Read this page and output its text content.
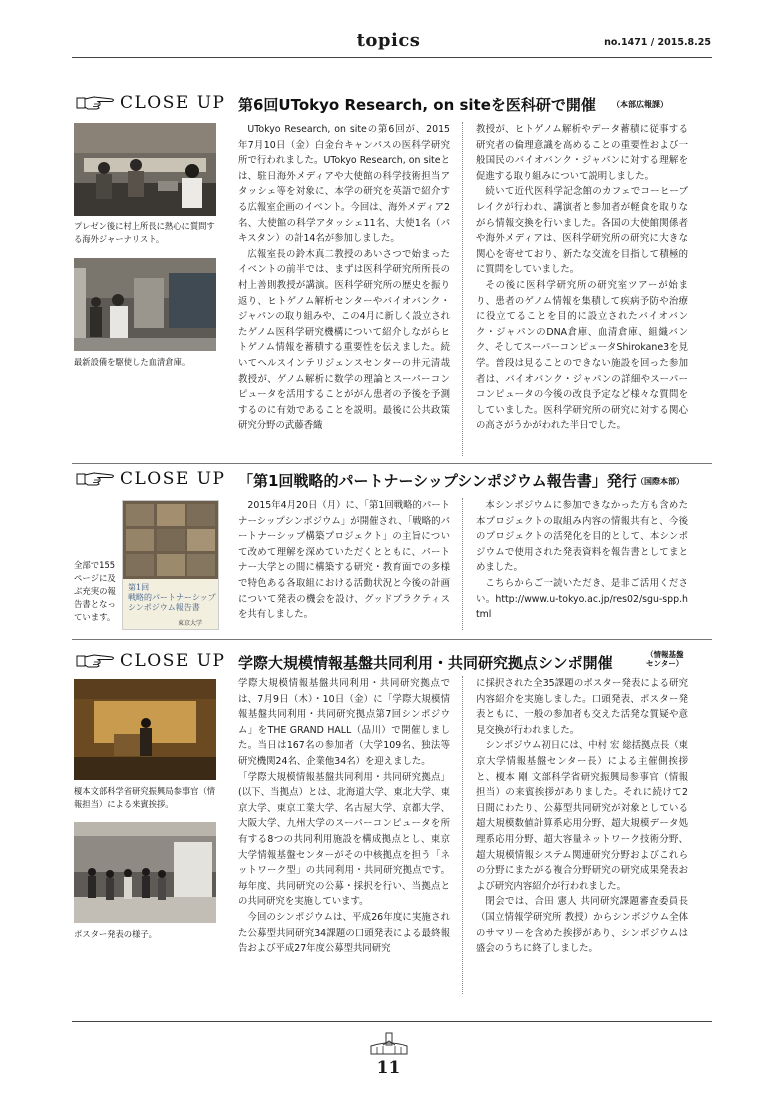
topics	no.1471 / 2015.8.25
CLOSE UP 第6回UTokyo Research, on siteを医科研で開催 （本部広報課）
プレゼン後に村上所長に熱心に質問する海外ジャーナリスト。
最新設備を駆使した血清倉庫。

UTokyo Research, on siteの第6回が、2015年7月10日（金）白金台キャンパスの医科学研究所で行われました。UTokyo Research, on siteとは、駐日海外メディアや大使館の科学技術担当アタッシェ等を対象に、本学の研究を英語で紹介する広報室企画のイベント。今回は、海外メディア2名、大使館の科学アタッシェ11名、大使1名（パキスタン）の計14名が参加しました。

広報室長の鈴木真二教授のあいさつで始まったイベントの前半では、まずは医科学研究所所長の村上善則教授が講演。医科学研究所の歴史を振り返り、ヒトゲノム解析センターやバイオバンク・ジャパンの取り組みや、この4月に新しく設立されたゲノム医科学研究機構について紹介しながらヒトゲノム情報を蓄積する重要性を伝えました。続いてヘルスインテリジェンスセンターの井元清哉教授が、ゲノム解析に数学の理論とスーパーコンピュータを活用することががん患者の予後を予測するのに有効であることを説明。最後に公共政策研究分野の武藤香織

教授が、ヒトゲノム解析やデータ蓄積に従事する研究者の倫理意識を高めることの重要性および一般国民のバイオバンク・ジャパンに対する理解を促進する取り組みについて説明しました。

続いて近代医科学記念館のカフェでコーヒーブレイクが行われ、講演者と参加者が軽食を取りながら情報交換を行いました。各国の大使館関係者や海外メディアは、医科学研究所の研究に大きな関心を寄せており、新たな交流を目指して積極的に質問をしていました。

その後に医科学研究所の研究室ツアーが始まり、患者のゲノム情報を集積して疾病予防や治療に役立てることを目的に設立されたバイオバンク・ジャパンのDNA倉庫、血清倉庫、組織バンク、そしてスーパーコンピュータShirokane3を見学。普段は見ることのできない施設を回った参加者は、バイオバンク・ジャパンの詳細やスーパーコンピュータの今後の改良予定など様々な質問をしていました。医科学研究所の研究に対する関心の高さがうかがわれた半日でした。

CLOSE UP 「第1回戦略的パートナーシップシンポジウム報告書」発行 （国際本部）
全部で155ページに及ぶ充実の報告書となっています。
第1回
戦略的パートナーシップ
シンポジウム報告書
東京大学

2015年4月20日（月）に、「第1回戦略的パートナーシップシンポジウム」が開催され、「戦略的パートナーシップ構築プロジェクト」の主旨について改めて理解を深めていただくとともに、パートナー大学との間に構築する研究・教育面での多様で特色ある各取組における活動状況と今後の計画について発表の機会を設け、グッドプラクティスを共有しました。

本シンポジウムに参加できなかった方も含めた本プロジェクトの取組み内容の情報共有と、今後のプロジェクトの活発化を目的として、本シンポジウムで使用された発表資料を報告書としてまとめました。

こちらからご一読いただき、是非ご活用ください。http://www.u-tokyo.ac.jp/res02/sgu-spp.html

CLOSE UP 学際大規模情報基盤共同利用・共同研究拠点シンポ開催	（情報基盤
センター）
榎本文部科学省研究振興局参事官（情報担当）による来賓挨拶。
ポスター発表の様子。

学際大規模情報基盤共同利用・共同研究拠点では、7月9日（木）・10日（金）に「学際大規模情報基盤共同利用・共同研究拠点第7回シンポジウム」をTHE GRAND HALL（品川）で開催しました。当日は167名の参加者（大学109名、独法等研究機関24名、企業他34名）を迎えました。

「学際大規模情報基盤共同利用・共同研究拠点」(以下、当拠点）とは、北海道大学、東北大学、東京大学、東京工業大学、名古屋大学、京都大学、大阪大学、九州大学のスーパーコンピュータを所有する8つの共同利用施設を構成拠点とし、東京大学情報基盤センターがその中核拠点を担う「ネットワーク型」の共同利用・共同研究拠点です。毎年度、共同研究の公募・採択を行い、当拠点との共同研究を実施しています。

今回のシンポジウムは、平成26年度に実施された公募型共同研究34課題の口頭発表による最終報告および平成27年度公募型共同研究

に採択された全35課題のポスター発表による研究内容紹介を実施しました。口頭発表、ポスター発表ともに、一般の参加者も交えた活発な質疑や意見交換が行われました。

シンポジウム初日には、中村 宏 総括拠点長（東京大学情報基盤センター長）による主催側挨拶と、榎本 剛 文部科学省研究振興局参事官（情報担当）の来賓挨拶がありました。それに続けて2日間にわたり、公募型共同研究が対象としている超大規模数値計算系応用分野、超大規模データ処理系応用分野、超大容量ネットワーク技術分野、超大規模情報システム関連研究分野およびこれらの分野にまたがる複合分野研究の研究成果発表および研究内容紹介が行われました。

閉会では、合田 憲人 共同研究課題審査委員長（国立情報学研究所 教授）からシンポジウム全体のサマリーを含めた挨拶があり、シンポジウムは盛会のうちに終了しました。

11
